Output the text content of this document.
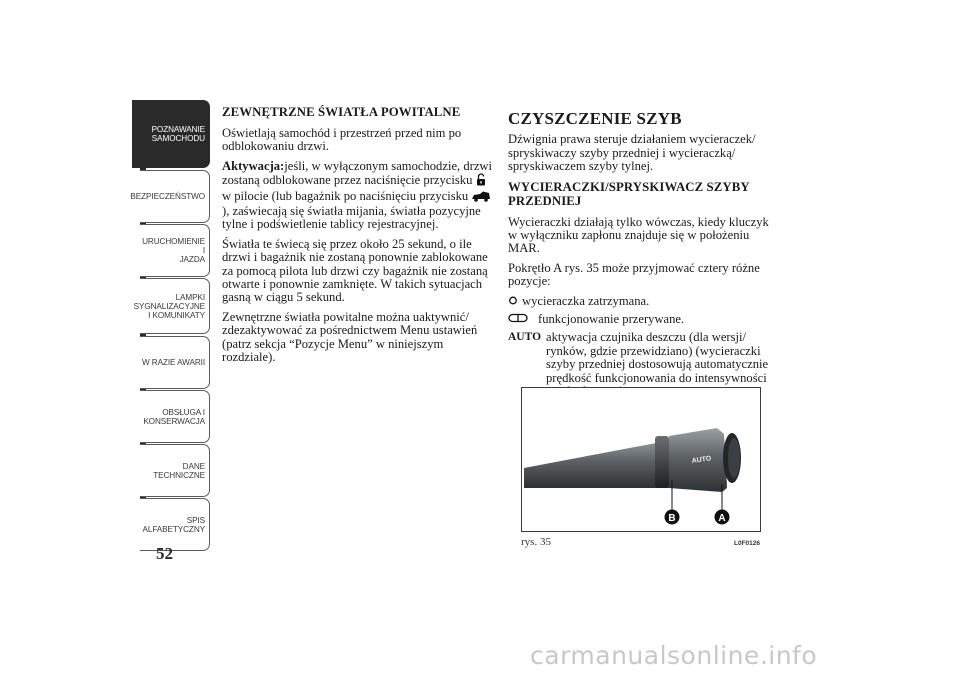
POZNAWANIE
SAMOCHODU
BEZPIECZEŃSTWO
URUCHOMIENIE I
JAZDA
LAMPKI
SYGNALIZACYJNE
I KOMUNIKATY
W RAZIE AWARII
OBSŁUGA I
KONSERWACJA
DANE
TECHNICZNE
SPIS
ALFABETYCZNY
52
ZEWNĘTRZNE ŚWIATŁA POWITALNE

Oświetlają samochód i przestrzeń przed nim po odblokowaniu drzwi.

Aktywacja:jeśli, w wyłączonym samochodzie, drzwi zostaną odblokowane przez naciśnięcie przycisku  w pilocie (lub bagażnik po naciśnięciu przycisku ), zaświecają się światła mijania, światła pozycyjne tylne i podświetlenie tablicy rejestracyjnej.

Światła te świecą się przez około 25 sekund, o ile drzwi i bagażnik nie zostaną ponownie zablokowane za pomocą pilota lub drzwi czy bagażnik nie zostaną otwarte i ponownie zamknięte. W takich sytuacjach gasną w ciągu 5 sekund.

Zewnętrzne światła powitalne można uaktywnić/ zdezaktywować za pośrednictwem Menu ustawień (patrz sekcja “Pozycje Menu” w niniejszym rozdziale).

CZYSZCZENIE SZYB

Dźwignia prawa steruje działaniem wycieraczek/ spryskiwaczy szyby przedniej i wycieraczką/ spryskiwaczem szyby tylnej.

WYCIERACZKI/SPRYSKIWACZ SZYBY PRZEDNIEJ

Wycieraczki działają tylko wówczas, kiedy kluczyk w wyłączniku zapłonu znajduje się w położeniu MAR.

Pokrętło A rys. 35 może przyjmować cztery różne pozycje:

wycieraczka zatrzymana.
funkcjonowanie przerywane.
AUTO aktywacja czujnika deszczu (dla wersji/ rynków, gdzie przewidziano) (wycieraczki szyby przedniej dostosowują automatycznie prędkość funkcjonowania do intensywności
AUTO
B	A
rys. 35	L0F0126
carmanualsonline.info
